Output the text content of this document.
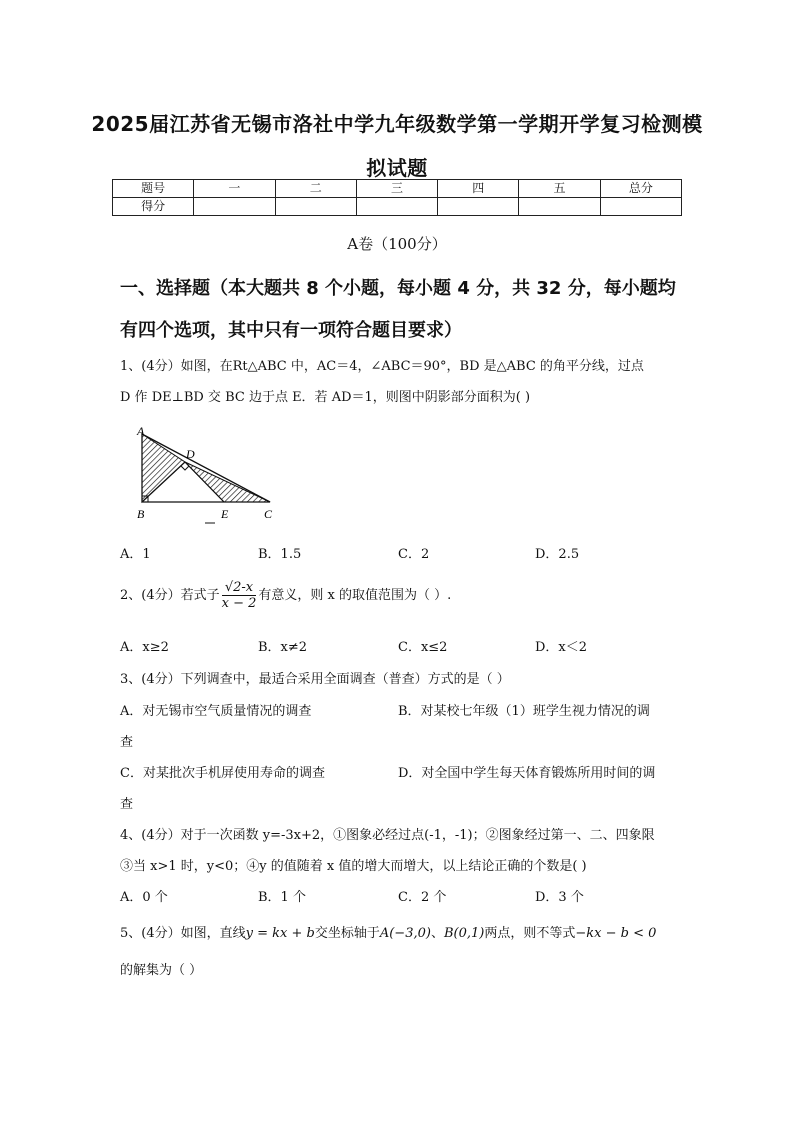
2025届江苏省无锡市洛社中学九年级数学第一学期开学复习检测模
拟试题
题号	一	二	三	四	五	总分
得分						
A卷（100分）
一、选择题（本大题共 8 个小题，每小题 4 分，共 32 分，每小题均
有四个选项，其中只有一项符合题目要求）
1、(4分）如图，在Rt△ABC 中，AC＝4，∠ABC＝90°，BD 是△ABC 的角平分线，过点
D 作 DE⊥BD 交 BC 边于点 E．若 AD＝1，则图中阴影部分面积为( )
A
D
B	E	C
A．1	B．1.5	C．2	D．2.5
2、(4分）若式子 $\frac{√2-x}{x - 2}$ 有意义，则 x 的取值范围为（ ）.
A．x≥2	B．x≠2	C．x≤2	D．x＜2
3、(4分）下列调查中，最适合采用全面调查（普查）方式的是（ ）
A．对无锡市空气质量情况的调查	B．对某校七年级（1）班学生视力情况的调
查
C．对某批次手机屏使用寿命的调查	D．对全国中学生每天体育锻炼所用时间的调
查
4、(4分）对于一次函数 y=-3x+2，①图象必经过点(-1，-1)；②图象经过第一、二、四象限
③当 x>1 时，y<0；④y 的值随着 x 值的增大而增大，以上结论正确的个数是( )
A．0 个	B．1 个	C．2 个	D．3 个
5、(4分）如图，直线y = kx + b交坐标轴于A(−3,0)、B(0,1)两点，则不等式−kx − b < 0
的解集为（ ）
